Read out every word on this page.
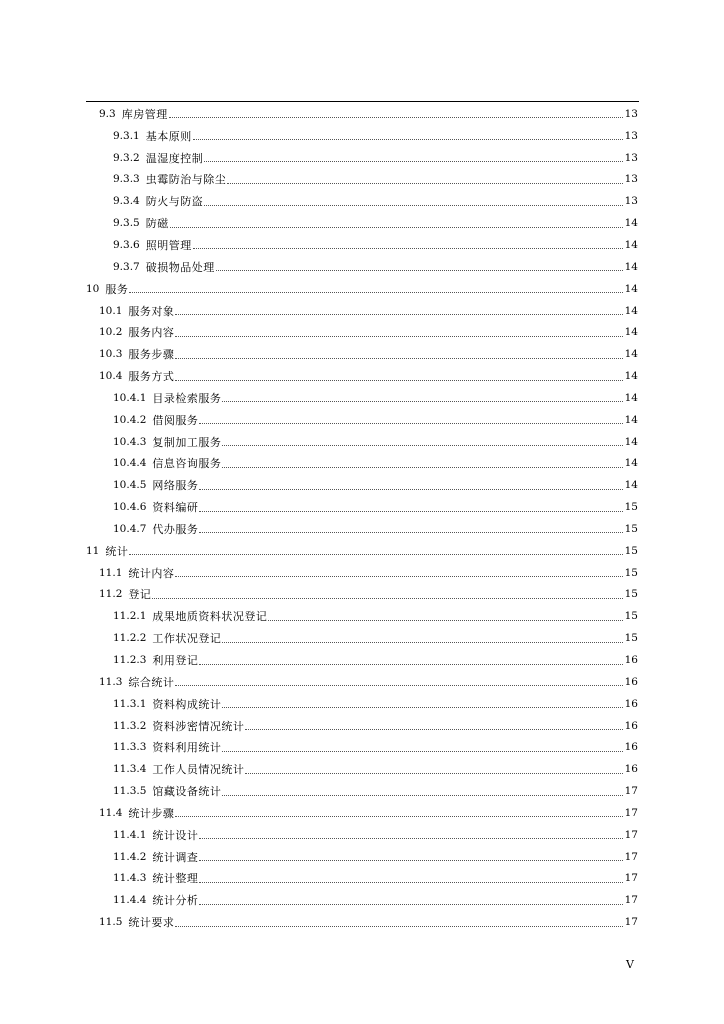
9.3 库房管理	13
9.3.1 基本原则	13
9.3.2 温湿度控制	13
9.3.3 虫霉防治与除尘	13
9.3.4 防火与防盗	13
9.3.5 防磁	14
9.3.6 照明管理	14
9.3.7 破损物品处理	14
10 服务	14
10.1 服务对象	14
10.2 服务内容	14
10.3 服务步骤	14
10.4 服务方式	14
10.4.1 目录检索服务	14
10.4.2 借阅服务	14
10.4.3 复制加工服务	14
10.4.4 信息咨询服务	14
10.4.5 网络服务	14
10.4.6 资料编研	15
10.4.7 代办服务	15
11 统计	15
11.1 统计内容	15
11.2 登记	15
11.2.1 成果地质资料状况登记	15
11.2.2 工作状况登记	15
11.2.3 利用登记	16
11.3 综合统计	16
11.3.1 资料构成统计	16
11.3.2 资料涉密情况统计	16
11.3.3 资料利用统计	16
11.3.4 工作人员情况统计	16
11.3.5 馆藏设备统计	17
11.4 统计步骤	17
11.4.1 统计设计	17
11.4.2 统计调查	17
11.4.3 统计整理	17
11.4.4 统计分析	17
11.5 统计要求	17
V
